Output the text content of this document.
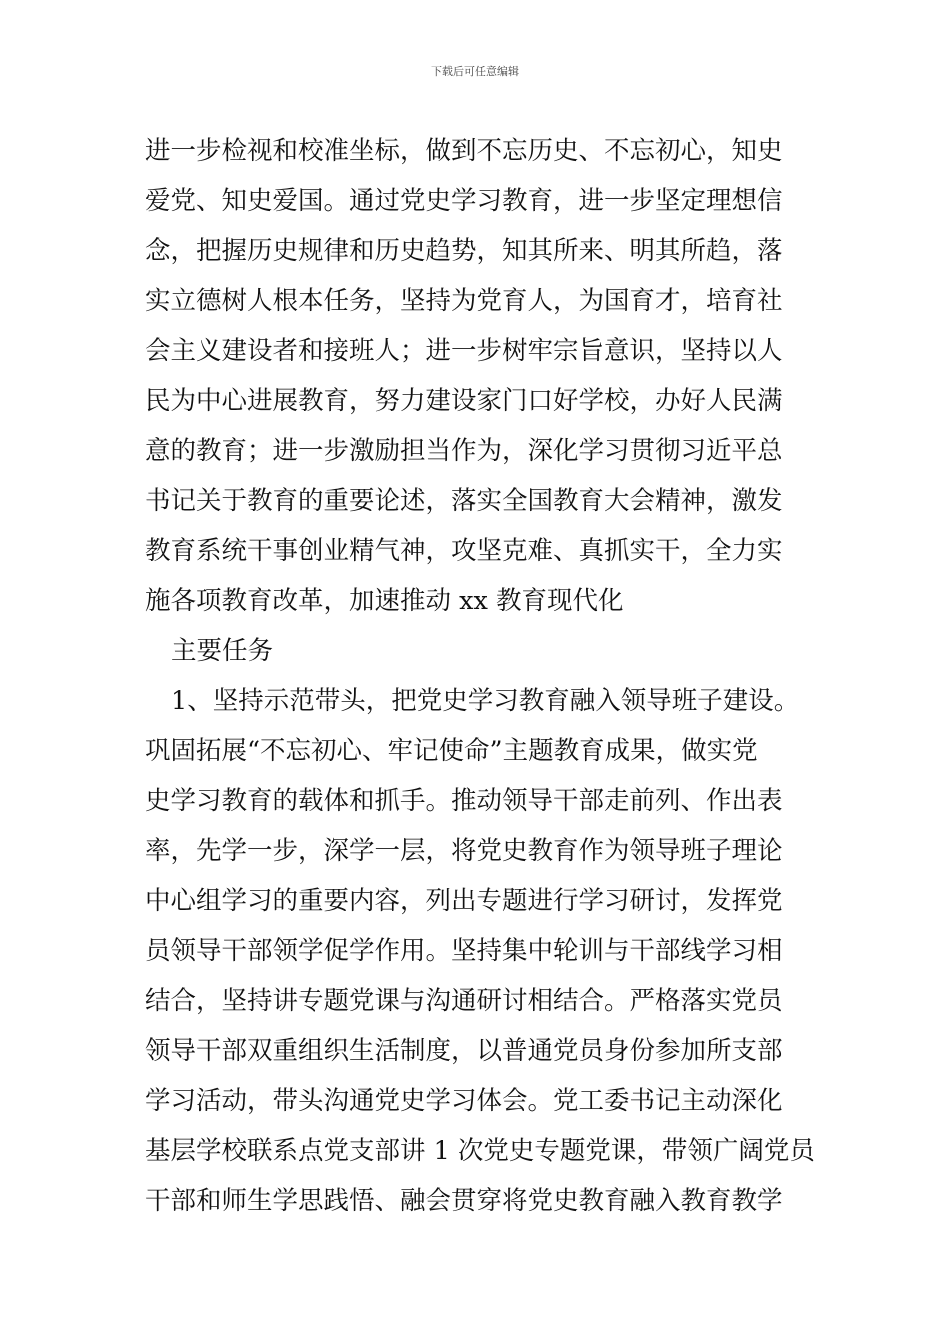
下载后可任意编辑
进一步检视和校准坐标，做到不忘历史、不忘初心，知史
爱党、知史爱国。通过党史学习教育，进一步坚定理想信
念，把握历史规律和历史趋势，知其所来、明其所趋，落
实立德树人根本任务，坚持为党育人，为国育才，培育社
会主义建设者和接班人；进一步树牢宗旨意识，坚持以人
民为中心进展教育，努力建设家门口好学校，办好人民满
意的教育；进一步激励担当作为，深化学习贯彻习近平总
书记关于教育的重要论述，落实全国教育大会精神，激发
教育系统干事创业精气神，攻坚克难、真抓实干，全力实
施各项教育改革，加速推动 xx 教育现代化
主要任务
1、坚持示范带头，把党史学习教育融入领导班子建设。
巩固拓展“不忘初心、牢记使命”主题教育成果，做实党
史学习教育的载体和抓手。推动领导干部走前列、作出表
率，先学一步，深学一层，将党史教育作为领导班子理论
中心组学习的重要内容，列出专题进行学习研讨，发挥党
员领导干部领学促学作用。坚持集中轮训与干部线学习相
结合，坚持讲专题党课与沟通研讨相结合。严格落实党员
领导干部双重组织生活制度，以普通党员身份参加所支部
学习活动，带头沟通党史学习体会。党工委书记主动深化
基层学校联系点党支部讲 1 次党史专题党课，带领广阔党员
干部和师生学思践悟、融会贯穿将党史教育融入教育教学
